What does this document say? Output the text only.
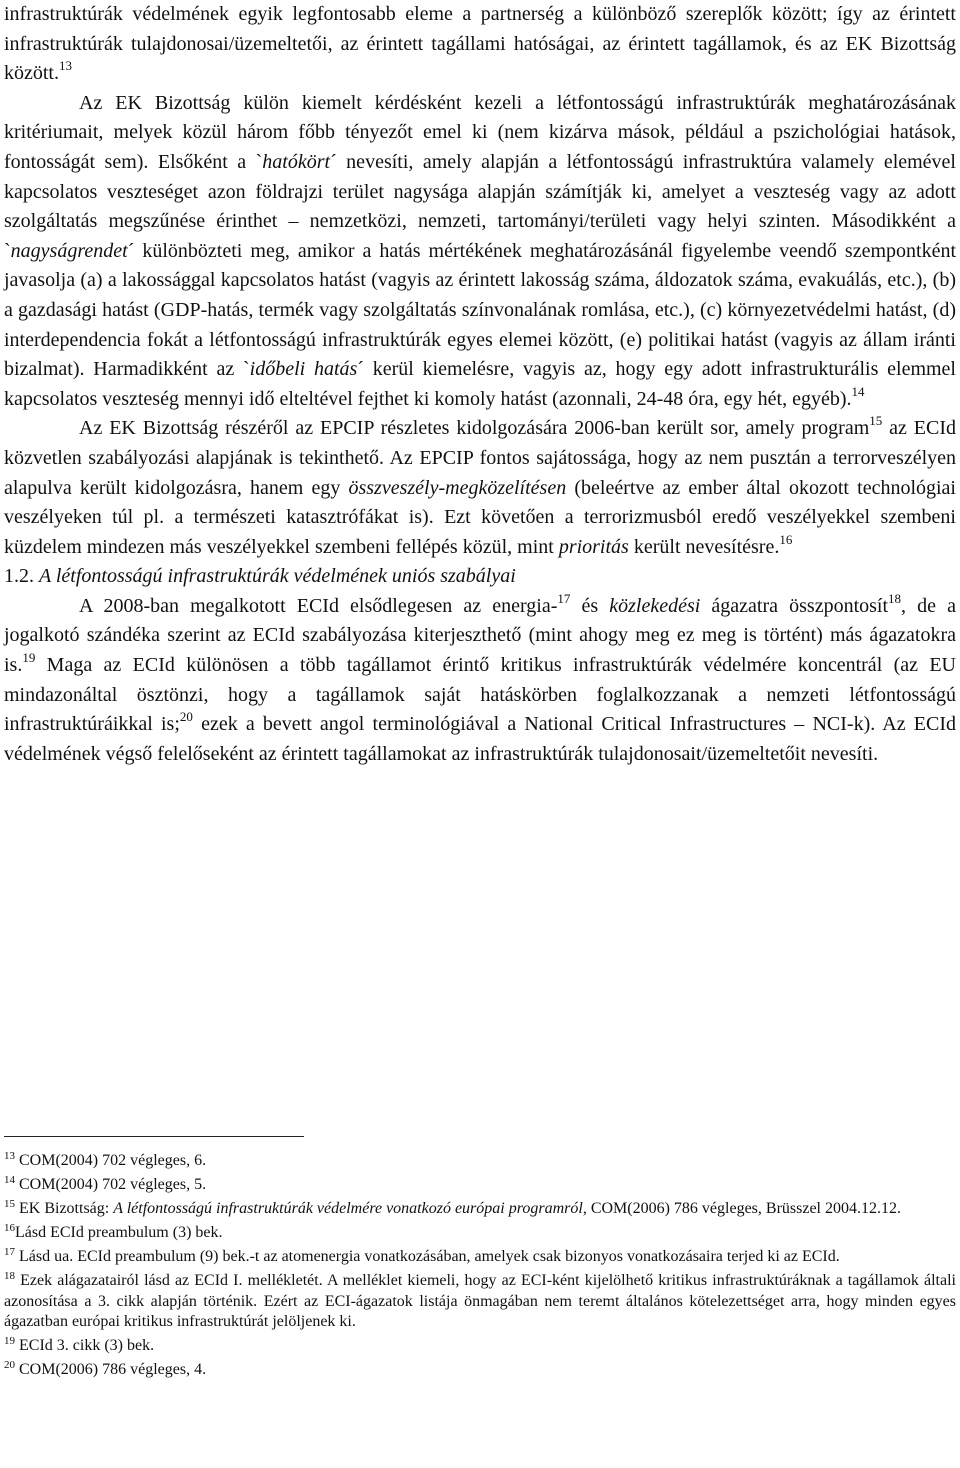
infrastruktúrák védelmének egyik legfontosabb eleme a partnerség a különböző szereplők között; így az érintett infrastruktúrák tulajdonosai/üzemeltetői, az érintett tagállami hatóságai, az érintett tagállamok, és az EK Bizottság között.$^{13}$

Az EK Bizottság külön kiemelt kérdésként kezeli a létfontosságú infrastruktúrák meghatározásának kritériumait, melyek közül három főbb tényezőt emel ki (nem kizárva mások, például a pszichológiai hatások, fontosságát sem). Elsőként a `hatókört´ nevesíti, amely alapján a létfontosságú infrastruktúra valamely elemével kapcsolatos veszteséget azon földrajzi terület nagysága alapján számítják ki, amelyet a veszteség vagy az adott szolgáltatás megszűnése érinthet – nemzetközi, nemzeti, tartományi/területi vagy helyi szinten. Másodikként a `nagyságrendet´ különbözteti meg, amikor a hatás mértékének meghatározásánál figyelembe veendő szempontként javasolja (a) a lakossággal kapcsolatos hatást (vagyis az érintett lakosság száma, áldozatok száma, evakuálás, etc.), (b) a gazdasági hatást (GDP-hatás, termék vagy szolgáltatás színvonalának romlása, etc.), (c) környezetvédelmi hatást, (d) interdependencia fokát a létfontosságú infrastruktúrák egyes elemei között, (e) politikai hatást (vagyis az állam iránti bizalmat). Harmadikként az `időbeli hatás´ kerül kiemelésre, vagyis az, hogy egy adott infrastrukturális elemmel kapcsolatos veszteség mennyi idő elteltével fejthet ki komoly hatást (azonnali, 24-48 óra, egy hét, egyéb).$^{14}$

Az EK Bizottság részéről az EPCIP részletes kidolgozására 2006-ban került sor, amely program$^{15}$ az ECId közvetlen szabályozási alapjának is tekinthető. Az EPCIP fontos sajátossága, hogy az nem pusztán a terrorveszélyen alapulva került kidolgozásra, hanem egy összveszély-megközelítésen (beleértve az ember által okozott technológiai veszélyeken túl pl. a természeti katasztrófákat is). Ezt követően a terrorizmusból eredő veszélyekkel szembeni küzdelem mindezen más veszélyekkel szembeni fellépés közül, mint prioritás került nevesítésre.$^{16}$

1.2. A létfontosságú infrastruktúrák védelmének uniós szabályai

A 2008-ban megalkotott ECId elsődlegesen az energia-$^{17}$ és közlekedési ágazatra összpontosít$^{18}$, de a jogalkotó szándéka szerint az ECId szabályozása kiterjeszthető (mint ahogy meg ez meg is történt) más ágazatokra is.$^{19}$ Maga az ECId különösen a több tagállamot érintő kritikus infrastruktúrák védelmére koncentrál (az EU mindazonáltal ösztönzi, hogy a tagállamok saját hatáskörben foglalkozzanak a nemzeti létfontosságú infrastruktúráikkal is;$^{20}$ ezek a bevett angol terminológiával a National Critical Infrastructures – NCI-k). Az ECId védelmének végső felelőseként az érintett tagállamokat az infrastruktúrák tulajdonosait/üzemeltetőit nevesíti.

$^{13}$ COM(2004) 702 végleges, 6.

$^{14}$ COM(2004) 702 végleges, 5.

$^{15}$ EK Bizottság: A létfontosságú infrastruktúrák védelmére vonatkozó európai programról, COM(2006) 786 végleges, Brüsszel 2004.12.12.

$^{16}$Lásd ECId preambulum (3) bek.

$^{17}$ Lásd ua. ECId preambulum (9) bek.-t az atomenergia vonatkozásában, amelyek csak bizonyos vonatkozásaira terjed ki az ECId.

$^{18}$ Ezek alágazatairól lásd az ECId I. mellékletét. A melléklet kiemeli, hogy az ECI-ként kijelölhető kritikus infrastruktúráknak a tagállamok általi azonosítása a 3. cikk alapján történik. Ezért az ECI-ágazatok listája önmagában nem teremt általános kötelezettséget arra, hogy minden egyes ágazatban európai kritikus infrastruktúrát jelöljenek ki.

$^{19}$ ECId 3. cikk (3) bek.

$^{20}$ COM(2006) 786 végleges, 4.
